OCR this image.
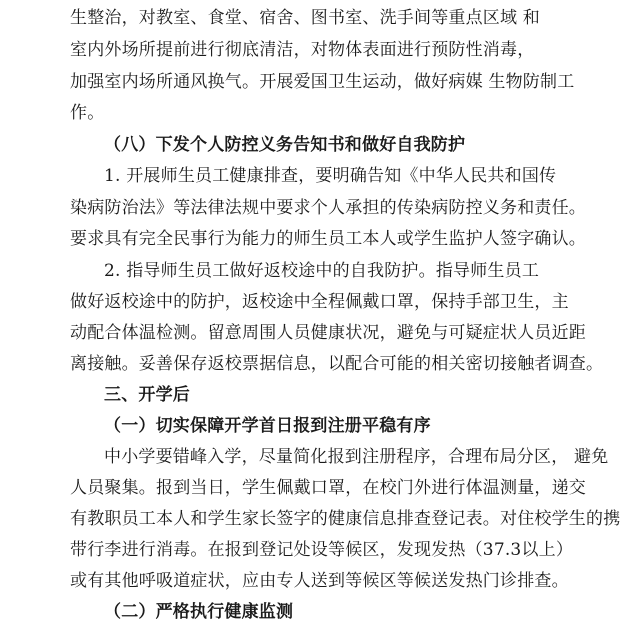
生整治，对教室、食堂、宿舍、图书室、洗手间等重点区域 和
室内外场所提前进行彻底清洁，对物体表面进行预防性消毒，
加强室内场所通风换气。开展爱国卫生运动，做好病媒 生物防制工
作。
（八）下发个人防控义务告知书和做好自我防护
1. 开展师生员工健康排查，要明确告知《中华人民共和国传
染病防治法》等法律法规中要求个人承担的传染病防控义务和责任。
要求具有完全民事行为能力的师生员工本人或学生监护人签字确认。
2. 指导师生员工做好返校途中的自我防护。指导师生员工
做好返校途中的防护，返校途中全程佩戴口罩，保持手部卫生，主
动配合体温检测。留意周围人员健康状况，避免与可疑症状人员近距
离接触。妥善保存返校票据信息，以配合可能的相关密切接触者调查。
三、开学后
（一）切实保障开学首日报到注册平稳有序
中小学要错峰入学，尽量简化报到注册程序，合理布局分区， 避免
人员聚集。报到当日，学生佩戴口罩，在校门外进行体温测量，递交
有教职员工本人和学生家长签字的健康信息排查登记表。对住校学生的携
带行李进行消毒。在报到登记处设等候区，发现发热（37.3以上）
或有其他呼吸道症状，应由专人送到等候区等候送发热门诊排查。
（二）严格执行健康监测
